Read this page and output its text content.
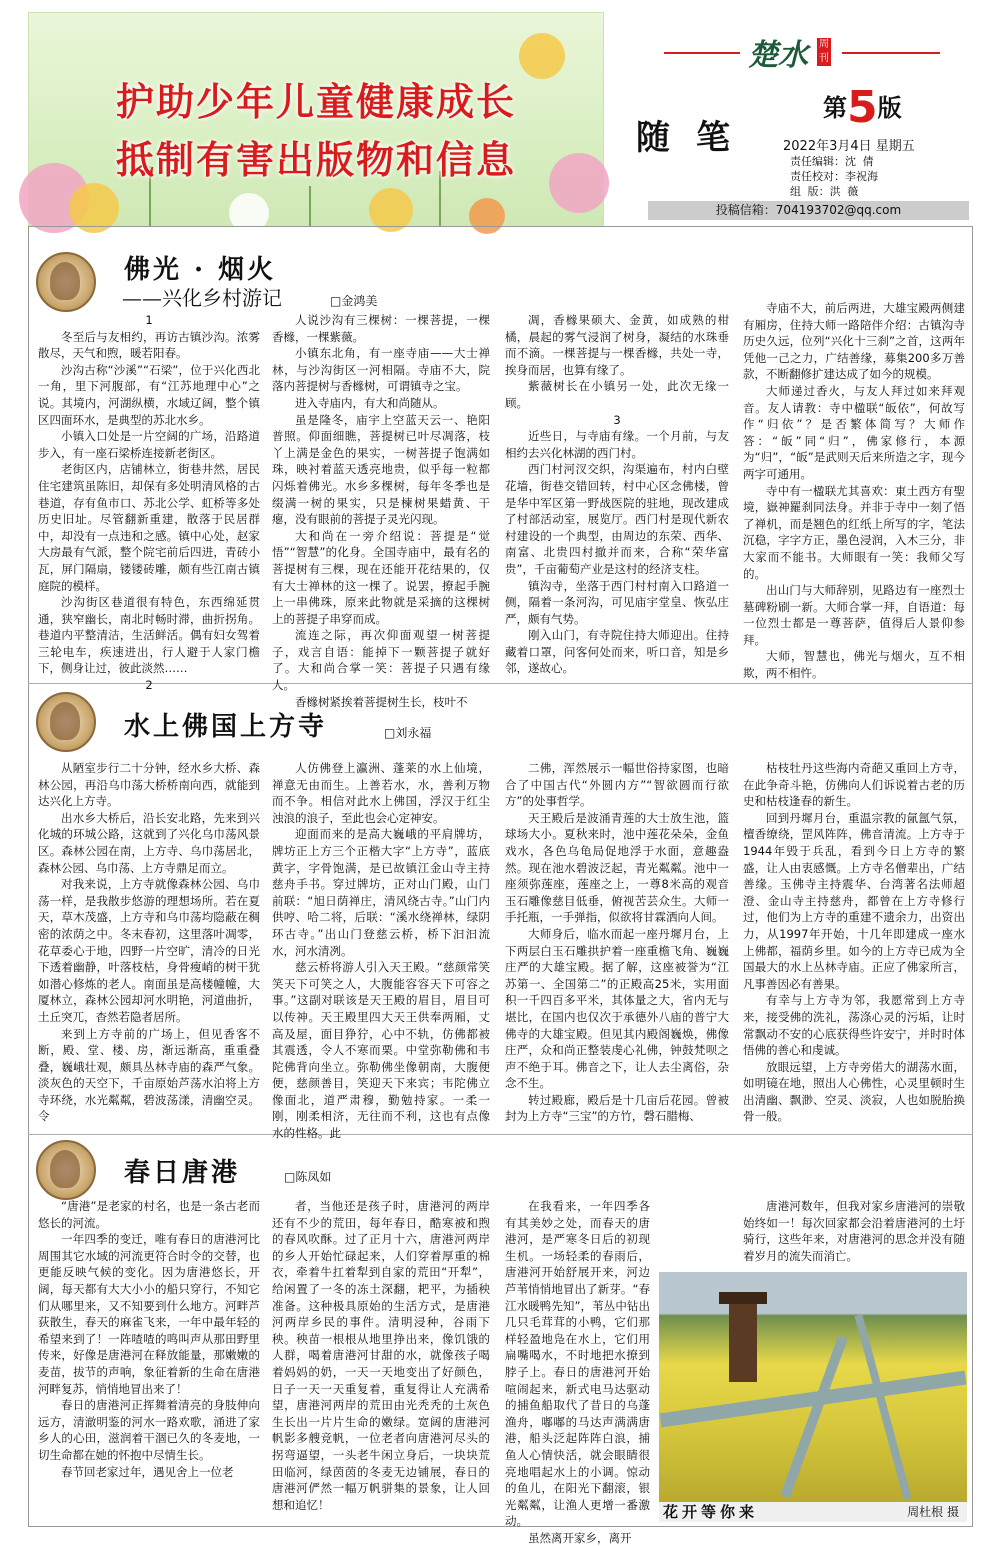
护助少年儿童健康成长
抵制有害出版物和信息
楚水 周刊
随笔
第5版
2022年3月4日 星期五
责任编辑：沈 倩
责任校对：李祝海
组 版：洪 薇
投稿信箱：704193702@qq.com
佛光 · 烟火
——兴化乡村游记	□金鸿美

1

冬至后与友相约，再访古镇沙沟。浓雾散尽，天气和煦，暖若阳春。

沙沟古称“沙溪”“石梁”，位于兴化西北一角，里下河腹部，有“江苏地理中心”之说。其境内，河湖纵横，水域辽阔，整个镇区四面环水，是典型的苏北水乡。

小镇入口处是一片空阔的广场，沿路道步入，有一座石梁桥连接新老街区。

老街区内，店铺林立，街巷井然，居民住宅建筑虽陈旧，却保有多处明清风格的古巷道，存有鱼市口、苏北公学、虹桥等多处历史旧址。尽管翻新重建，散落于民居群中，却没有一点违和之感。镇中心处，赵家大房最有气派，整个院宅前后四进，青砖小瓦，屏门隔扇，镂镂砖雕，颇有些江南古镇庭院的模样。

沙沟街区巷道很有特色，东西绵延贯通，狭窄幽长，南北时畅时滞，曲折拐角。巷道内平整清洁，生活鲜活。偶有妇女驾着三轮电车，疾速进出，行人避于人家门檐下，侧身让过，彼此淡然……

2

人说沙沟有三棵树：一棵菩提，一棵香橼，一棵紫薇。

小镇东北角，有一座寺庙——大士禅林，与沙沟街区一河相隔。寺庙不大，院落内菩提树与香橼树，可谓镇寺之宝。

进入寺庙内，有大和尚随从。

虽是隆冬，庙宇上空蓝天云一、艳阳普照。仰面细瞧，菩提树已叶尽凋落，枝丫上满是金色的果实，一树菩提子饱满如珠，映衬着蓝天透亮地贵，似乎每一粒都闪烁着佛光。水乡多棵树，每年冬季也是缀满一树的果实，只是楝树果蜡黄、干瘪，没有眼前的菩提子灵光闪现。

大和尚在一旁介绍说：菩提是“觉悟”“智慧”的化身。全国寺庙中，最有名的菩提树有三棵，现在还能开花结果的，仅有大士禅林的这一棵了。说罢，撩起手腕上一串佛珠，原来此物就是采摘的这棵树上的菩提子串穿而成。

流连之际，再次仰面观望一树菩提子，戏言自语：能掉下一颗菩提子就好了。大和尚合掌一笑：菩提子只遇有缘人。

香橼树紧挨着菩提树生长，枝叶不

凋，香橼果硕大、金黄，如成熟的柑橘，晨起的雾气浸润了树身，凝结的水珠垂而不滴。一棵菩提与一棵香橼，共处一寺，挨身而居，也算有缘了。

紫薇树长在小镇另一处，此次无缘一顾。

3

近些日，与寺庙有缘。一个月前，与友相约去兴化林湖的西门村。

西门村河汊交织，沟渠遍布，村内白壁花墙，街巷交错回转，村中心区念佛楼，曾是华中军区第一野战医院的驻地，现改建成了村部活动室，展览厅。西门村是现代新农村建设的一个典型，由周边的东荣、西华、南富、北贵四村撤并而来，合称“荣华富贵”，千亩葡萄产业是这村的经济支柱。

镇沟寺，坐落于西门村村南入口路道一侧，隔着一条河沟，可见庙宇堂皇、恢弘庄严，颇有气势。

刚入山门，有寺院住持大师迎出。住持藏着口罩，问客何处而来，听口音，知是乡邻，遂故心。

寺庙不大，前后两进，大雄宝殿两侧建有厢房，住持大师一路陪伴介绍：古镇沟寺历史久远，位列“兴化十三刹”之首，这两年凭他一己之力，广结善缘，募集200多万善款，不断翻修扩建达成了如今的规模。

大师递过香火，与友人拜过如来拜观音。友人请教：寺中楹联“皈依”，何故写作“归依”？是否繁体简写？大师作答：“皈”同“归”，佛家修行，本源为“归”，“皈”是武则天后来所造之字，现今两字可通用。

寺中有一楹联尤其喜欢：東土西方有聖境，嶽神羅刹同法身。并非于寺中一刻了悟了禅机，而是翘色的红纸上所写的字，笔法沉稳，字字方正，墨色浸润，入木三分，非大家而不能书。大师眼有一笑：我师父写的。

出山门与大师辞别，见路边有一座烈士墓碑粉刷一新。大师合掌一拜，自语道：每一位烈士都是一尊菩萨，值得后人景仰参拜。

大师，智慧也，佛光与烟火，互不相欺，两不相忤。

水上佛国上方寺	□刘永福

从陋室步行二十分钟，经水乡大桥、森林公园，再沿乌巾荡大桥桥南向西，就能到达兴化上方寺。

出水乡大桥后，沿长安北路，先来到兴化城的环城公路，这就到了兴化乌巾荡风景区。森林公园在南，上方寺、乌巾荡居北，森林公园、乌巾荡、上方寺鼎足而立。

对我来说，上方寺就像森林公园、乌巾荡一样，是我散步悠游的理想场所。若在夏天，草木茂盛，上方寺和乌巾荡均隐蔽在稠密的浓荫之中。冬末春初，这里落叶凋零，花草委心于地，四野一片空旷，清冷的日光下透着幽静，叶落枝枯，身骨瘦峭的树干犹如潜心修炼的老人。南面虽是高楼幢幢，大厦林立，森林公园却河水明艳，河道曲折，土丘突兀，杳然若隐者居所。

来到上方寺前的广场上，但见香客不断，殿、堂、楼、房，渐远渐高，重重叠叠，巍峨壮观，颇具丛林寺庙的森严气象。淡灰色的天空下，千亩原始芦荡水泊将上方寺环绕，水光粼粼，碧波荡漾，清幽空灵。令

人仿佛登上瀛洲、蓬莱的水上仙境，禅意无由而生。上善若水，水，善利万物而不争。相信对此水上佛国，浮汉于红尘浊浪的浪子，至此也会心定神安。

迎面而来的是高大巍峨的平肩牌坊，牌坊正上方三个正楷大字“上方寺”，蓝底黄字，字骨饱满，是已故镇江金山寺主持慈舟手书。穿过牌坊，正对山门殿，山门前联：“旭日荫禅庄，清风绕古寺。”山门内供哼、哈二将，后联：“溪水绕禅林，绿阴环古寺。”出山门登慈云桥，桥下汩汩流水，河水清冽。

慈云桥将游人引入天王殿。“慈颜常笑笑天下可笑之人，大腹能容容天下可容之事。”这副对联该是天王殿的眉目，眉目可以传神。天王殿里四大天王供奉两厢，丈高及屋，面目狰狞，心中不轨，仿佛都被其震透，令人不寒而栗。中堂弥勒佛和韦陀佛背向坐立。弥勒佛坐像朝南，大腹便便，慈颜善目，笑迎天下来宾；韦陀佛立像面北，道严肃穆，勤勉持家。一柔一刚，刚柔相济，无往而不利，这也有点像水的性格。此

二佛，浑然展示一幅世俗持家图，也暗合了中国古代“外圆内方”“智欲圆而行欲方”的处事哲学。

天王殿后是波涌青莲的大士放生池，篮球场大小。夏秋来时，池中莲花朵朵，金鱼戏水，各色乌龟局促地浮于水面，意趣盎然。现在池水碧波泛起，青光粼粼。池中一座须弥莲座，莲座之上，一尊8米高的观音玉石雕像慈目低垂，俯视苦芸众生。大师一手托瓶，一手弹指，似欲将甘霖洒向人间。

大师身后，临水而起一座丹墀月台，上下两层白玉石雕拱护着一座重檐飞角、巍巍庄严的大雄宝殿。据了解，这座被誉为“江苏第一、全国第二”的正殿高25米，实用面积一千四百多平米，其体量之大，省内无与堪比，在国内也仅次于承德外八庙的普宁大佛寺的大雄宝殿。但见其内殿阁巍焕，佛像庄严，众和尚正整装虔心礼佛，钟鼓梵呗之声不绝于耳。佛音之下，让人去尘离俗，杂念不生。

转过殿廊，殿后是十几亩后花园。曾被封为上方寺“三宝”的方竹，磬石腊梅、

枯枝牡丹这些海内奇葩又重回上方寺，在此争奇斗艳，仿佛向人们诉说着古老的历史和枯枝逢春的新生。

回到丹墀月台，重温宗教的氤氲气氛，檀香缭绕，罡风阵阵，佛音清流。上方寺于1944年毁于兵乱，看到今日上方寺的繁盛，让人由衷感慨。上方寺名僧辈出，广结善缘。玉佛寺主持震华、台湾著名法师超澄、金山寺主持慈舟，都曾在上方寺修行过，他们为上方寺的重建不遗余力，出资出力，从1997年开始，十几年即建成一座水上佛都，福荫乡里。如今的上方寺已成为全国最大的水上丛林寺庙。正应了佛家所言，凡事善因必有善果。

有幸与上方寺为邻，我愿常到上方寺来，接受佛的洗礼，荡涤心灵的污垢，让时常飘动不安的心底获得些许安宁，并时时体悟佛的善心和虔诚。

放眼远望，上方寺旁偌大的湖荡水面，如明镜在地，照出人心佛性，心灵里顿时生出清幽、飘渺、空灵、淡寂，人也如脱胎换骨一般。

春日唐港	□陈凤如

“唐港”是老家的村名，也是一条古老而悠长的河流。

一年四季的变迁，唯有春日的唐港河比周围其它水域的河流更符合时令的交替，也更能反映气候的变化。因为唐港悠长，开阔，每天都有大大小小的船只穿行，不知它们从哪里来，又不知要到什么地方。河畔芦荻散生，春天的麻雀飞来，一年中最年轻的希望来到了！一阵喳喳的鸣叫声从那田野里传来，好像是唐港河在释放能量，那嫩嫩的麦苗，拔节的声响，象征着新的生命在唐港河畔复苏，悄悄地冒出来了！

春日的唐港河正挥舞着清亮的身肢伸向远方，清澈明鉴的河水一路欢歌，涌进了家乡人的心田，滋润着干涸已久的冬麦地，一切生命都在她的怀抱中尽情生长。

春节回老家过年，遇见舍上一位老

者，当他还是孩子时，唐港河的两岸还有不少的荒田，每年春日，酷寒被和煦的春风吹酥。过了正月十六，唐港河两岸的乡人开始忙碌起来，人们穿着厚重的棉衣，牵着牛扛着犁到自家的荒田“开犁”，给闲置了一冬的冻土深翻，耙平，为插秧准备。这种极具原始的生活方式，是唐港河两岸乡民的事件。清明浸种，谷雨下秧。秧苗一根根从地里挣出来，像饥饿的人群，喝着唐港河甘甜的水，就像孩子喝着妈妈的奶，一天一天地变出了好颜色，日子一天一天重复着，重复得让人充满希望，唐港河两岸的荒田由光秃秃的土灰色生长出一片片生命的嫩绿。宽阔的唐港河帆影多艘竞帆，一位老者向唐港河尽头的拐弯逼望，一头老牛闲立身后，一块块荒田临河，绿茵茵的冬麦无边铺展，春日的唐港河俨然一幅万帆骈集的景象，让人回想和追忆！

在我看来，一年四季各有其美妙之处，而春天的唐港河，是严寒冬日后的初现生机。一场轻柔的春雨后，唐港河开始舒展开来，河边芦苇悄悄地冒出了新芽。“春江水暖鸭先知”，苇丛中钻出几只毛茸茸的小鸭，它们那样轻盈地凫在水上，它们用扁嘴喝水，不时地把水撩到脖子上。春日的唐港河开始喧闹起来，新式电马达驱动的捕鱼船取代了昔日的乌蓬渔舟，嘟嘟的马达声满满唐港，船头泛起阵阵白浪，捕鱼人心情快活，就会眼睛很亮地唱起水上的小调。惊动的鱼儿，在阳光下翻滚，银光粼粼，让渔人更增一番激动。

虽然离开家乡，离开

唐港河数年，但我对家乡唐港河的崇敬始终如一！每次回家都会沿着唐港河的土圩骑行，这些年来，对唐港河的思念并没有随着岁月的流失而消亡。

花开等你来	周杜根 摄
